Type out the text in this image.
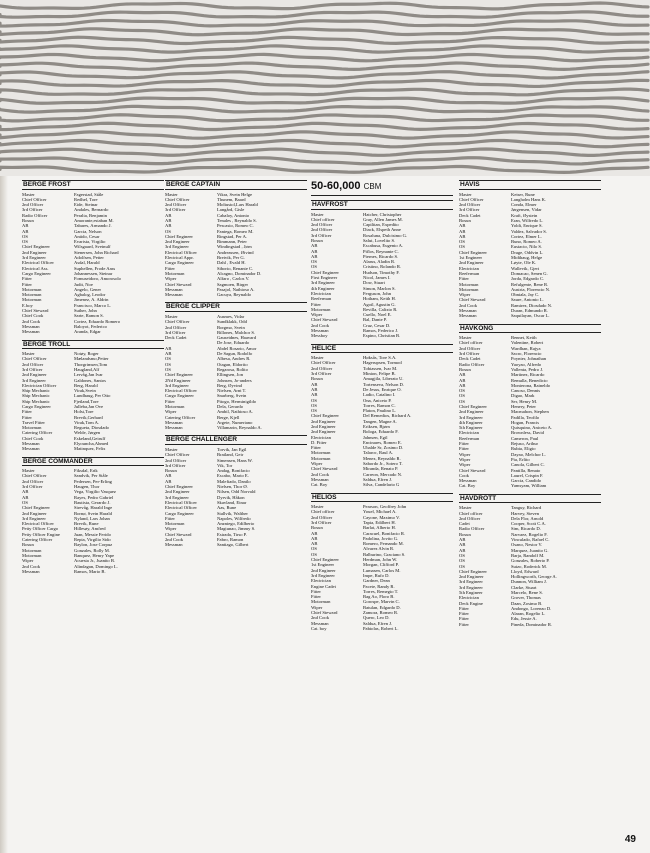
BERGE FROST
Master	Fagerstad, Ståle
Chief Officer	Redhel, Tore
2nd Officer	Eide, Steinar
3rd Officer	Andales, Bernardo
Radio Officer	Peralta, Benjamin
Bosun	Amorante,estaban M.
AB	Tabares, Armando J.
AB	Garcia, Nelson
OS	Antido, Cesar
OS	Evarista, Virgilio
Chief Engineer	Wilsgaard, Sveinulf
2nd Engineer	Stenersen, John Richard
3rd Engineer	Adolfsen, Petter
Electrical Officer	Asdal, Harald
Electrical Ass.	Suphellen, Frode Aass
Cargo Engineer	Johannessen, Steinar
Fitter	Fomuseidoro, Amorosolo
Fitter	Judit, Noe
Motorman	Angelo, Gener
Motorman	Agbalog, Leodor
Motorman	Jimenez, A. Aldrin
E.boy	Francisco, Marco L.
Chief Steward	Suther, John
Chief Cook	Sarte, Ramon S.
2nd Cook	Cortez, Eduardo Romero
Messman	Baloyot, Federico
Messman	Aranda, Edgar
BERGE TROLL
Master	Notøy, Roger
Chief Officer	Mælandsmo,Petter
2nd Officer	Thorgrimsen,Tom
3rd Officer	Haugland,Alf
2nd Engineer	Lervåg,Jan Ivar
3rd Engineer	Galdones, Santos
Electrician Officer	Berg, Harald
Ship Mechanic	Virak,Svein
Ship Mechanic	Lundhaug, Per Otto
Ship Mechanic	Fjetland,Tore
Cargo Engineer	Julleba,Jan Ove
Fitter	Holst,Tore
Fitter	Brevik,Gerhard
Travel Fitter	Virak,Tom A.
Motorman	Regueta, Diosdado
Catering Officer	Welde, Jørgen
Chief Cook	Eskeland,Geirulf
Messman	Elyouncha,Ahmed
Messman	Matinquez, Felix
BERGE COMMANDER
Master	Fiksdal, Erik
Chief Officer	Sandvik, Per Ståle
2nd Officer	Pedersen, Per-Erling
3rd Officer	Haugen, Thor
AB	Vega, Virgilio Vasquez
AB	Rayes, Pedro Gabriel
OS	Bautista, Gerardo J.
Chief Engineer	Sirevåg, Harald Inge
2nd Engineer	Bornø, Svein Harald
3rd Engineer	Nyland, Lars Johan
Electrical Officer	Brevik, Rune
Petty Officer Cargo	Hillesøy, Amfred
Petty Officer Engine	Juan, Messie Ferido
Catering Officer	Repia, Virgilio Sido
Bosun	Baylon, Jose Corpuz
Motorman	Gonzales, Rolly M.
Motorman	Banquez, Henry Yape
Wiper	Acuesta Jr., Juanito B.
2nd Cook	Alindagan, Domingo L.
Messman	Ramos, Mario B.
BERGE CAPTAIN
Master	Vikra, Svein Helge
Chief Officer	Thunem, Baard
2nd Officer	Moltustol,Lars Harald
3rd Officer	Langård, Gisle
AB	Cabaloy, Antonio
AB	Tenales , Reynaldo S.
AB	Pescasio, Romeo C.
OS	Faniega, Romeo M.
Chief Engineer	Ringstad, Per A.
2nd Engineer	Bimmann, Peter
3rd Engineer	Windingstad , Jørn
Electrical Officer	Andreassen, Øivind
Electrical Appr.	Breivik, Per G.
Cargo Engineer	Dahl , Evald H.
Fitter	Siborio, Renante C.
Motorman	Alcagno, Dominador D.
Wiper	Alfaro , Carlos V.
Chief Steward	Sagmoen, Birger
Messman	Pasajol, Nathioso A.
Messman	Gacuya, Reynaldo
BERGE CLIPPER
Master	Ausmes, Vidar
Chief Officer	Sundklakk, Odd
2nd Officer	Borgmo, Svein
3rd Officer	Billones, Malchor S.
Deck Cadet	Gauseidnes, Haavard
De Jose, Eduardo
AB	Abdel Rosario, Amor
AB	De Sagun, Rodolfo
OS	Albesa, Andres R.
OS	Otagan, Eldorito
OS	Regarosa, Rolito
Chief Engineer	Ellingsen, Jon
2Nd Engineer	Johnsen, Jo-anders
3rd Engineer	Berg, Øyvind
Electrical Officer	Nielsen, Arnt T.
Cargo Engineer	Snarberg, Svein
Fitter	Pitogo, Herminigildo
Motorman	Dela, Gerardo
Wiper	Ambil, Nathioso A.
Catering Officer	Berge, Kjell
Messman	Argete, Numeriano
Messman	Villamarin, Reynaldo A.
BERGE CHALLENGER
Master	Torvik, Jan Egil
Chief Officer	Bratland, Geir
2nd Officer	Simensen, Hans W.
3rd Officer	Vik, Tor
Bosun	Andag, Bonifacio
AB	Escabo, Mario E.
AB	Malefiado, Danilo
Chief Engineer	Nielsen, Thor Ø.
2nd Engineer	Nilsen, Odd Norvald
3rd Engineer	Dyrvik, Håkon
Electrical Officer	Skavland, Einar
Electrical Officer	Aas, Rune
Cargo Engineer	Stallvik, Walther
Fitter	Napoles, Wilfredo
Motorman	Anzniego, Edilberto
Wiper	Magtunao, Jimmy S.
Chief Steward	Estrada, Tirso P.
2nd Cook	Fabro, Ramon
Messman	Santiago, Gilbert
50-60,000 CBM
HAVFROST
Master	Hatcher, Christopher
Chief officer	Gray, Allen James M.
2nd Officer	Capilitan, Expedito
2nd Officer	Diack, Elspeth Anne
3rd Officer	Rosaluna, Dulcisimo G.
Bosun	Salut, Lovelito S.
AB	Escabusa, Eugenio A.
AB	Piflos, Reynante C.
AB	Piernes, Ricardo S.
OS	Alarus, Aladin R.
OS	Cristino, Rolando R.
Chief Engineer	Hudson, Timothy F.
First Engineer	Nicol, James I.
3rd Engineer	Dow, Stuart
4th Engineer	Simon, Marlon S.
Electrician	Ferguson, John
Reeferman	Hotham, Keith H.
Fitter	Agoil, Agustin G.
Motorman	Revilla, Calixto R.
Wiper	Cuello, Noel E.
Chief Steward	Bal, Dante P.
2nd Cook	Cruz, Cesar D.
Messman	Ramos, Federico J.
Messboy	Espino, Christian B.
HELICE
Master	Høksås, Tore S.A.
Chief Officer	Hagerupsen, Tormod
2nd Officer	Tobiassen, Ivar M.
3rd Officer	Minion, Felipe B.
Bosun	Amagjila, Liberato U.
AB	Tortenseva, Nelson D.
AB	De Jesus, Enrique O.
AB	Ladio, Catalino I.
OS	Ona, Aniceto P.
OS	Torres, Ramon C.
OS	Platon, Paulino L.
Chief Engineer	Del Remedios, Richard A.
2nd Engineer	Tangen, Magne A.
2nd Engineer	Eriksen, Bjørn
2nd Engineer	Bologa, Eduardo F.
Electrician	Jahnsen, Egil
D. Fitter	Encinares, Romeo E.
Fitter	Ubalde Sr, Zosimo D.
Motorman	Talaroc, Raul A.
Motorman	Menez, Reynaldo R.
Wiper	Sabordo Jr., Sotero T.
Chief Steward	Miranda, Renato P.
2nd Cook	Carreon, Mercado N.
Messman	Saldua, Efren J.
Cat. Boy	Silva, Candelario G
HELIOS
Master	Pearson, Geoffrey John
Chief officer	Youel, Michael A.
2nd Officer	Cayone, Maximo V.
3rd Officer	Tapia, Edilbert H.
Bosun	Barlat, Alberto H.
AB	Caracuel, Bonifacio R.
AB	Padolina, Jovito G.
AB	Romero, Fernando M.
OS	Alvarez Alvin R.
OS	Balburino, Graciano S.
Chief Engineer	Herdman, John W.
1st Engineer	Morgan, Clifford P.
2nd Engineer	Lumasen, Carlos M.
3rd Engineer	Impe, Rufo D.
Electrician	Gardner, Dean
Engine Cadet	Pacete, Randy R.
Fitter	Torres, Remegio T.
Fitter	Bag Ao, Floro B.
Motorman	Gorospe, Marvin C.
Wiper	Batulan, Edgardo D.
Chief Steward	Zamora, Romeo R.
2nd Cook	Quero, Leo D.
Messman	Saldua, Efren J.
Cat. boy	Pabiolas, Robert L.
HAVIS
Master	Keiser, Rune
Chief Officer	Langholm Hans K.
2nd Officer	Conda, Elmer
3rd Officer	Jørgensen, Vidar
Deck Cadet	Kraft, Øystein
Bosun	Eran, Wilfredo L.
AB	Yoldi, Enrique S.
AB	Valdez, Salvador S.
AB	Cortez, Elmer L.
OS	Buno, Romeo A.
OS	Eustacio, Nilo S.
Chief Engineer	Drage, Oddvin L.
1st Engineer	Midthaug, Helge
2nd Engineer	Løyte, Ole K.
Electrician	Wallevik, Gjert
Reeferman	Domacao, Senen G.
Fitter	Jorda, Edgardo C.
Motorman	Refulgente, Rene R.
Motorman	Austria, Florencio N.
Wiper	Obniala, Jay C.
Chief Steward	Saure, Antonio L.
2nd Cook	Ramirez, Diosdado N.
Messman	Duran, Edmundo R.
Messman	Saquilayan, Oscar L.
HAVKONG
Master	Bennet, Keith
Chief officer	Valentine, Robert
2nd Officer	Wardhan, Rajya
3rd Officer	Sacro, Florencio
Deck Cadet	Poynter, Johnathan
Radio Officer	Yaoyao, Alfredo
Bosun	Vallenta, Pedro J.
AB	Martinez, Ricardo
AB	Remulla, Benedicto
AB	Monterona, Raineldo
OS	Canoso, Dennis
OS	Digao, Mark
OS	Ser, Henry M.
Chief Engineer	Henery, Peter
2nd Engineer	Macmahon, Stephen
3rd Engineer	Padilla, Teofilo
4th Engineer	Hogan, Francis
5th Engineer	Quisquino, Aniceto A.
Electrician	Brownless, David
Reeferman	Cameron, Paul
Fitter	Rejuso, Arthur
Fitter	Rubia, Eligio
Wiper	Dayao, Melchor L.
Wiper	Pia, Erlito
Wiper	Canola, Gilbert C.
Chief Steward	Pantilla, Renato
Cook	Laurel, Crispin F.
Messman	Garcia, Candido
Cat. Boy	Yamsyam, William
HAVDROTT
Master	Tanguy, Richard
Chief officer	Harvey, Steven
2nd Officer	Dela Flor, Arnold
Cadet	Cooper, Scott C.A.
Radio Officer	Sim, Ricardo D.
Bosun	Narvaez, Rogelio F.
AB	Vinculado, Rafael C.
AB	Osano, Nestor V.
AB	Marquez, Juanito G.
OS	Barja, Randolf M.
OS	Gonzales, Roberto P.
OS	Suizo, Roderick M.
Chief Engineer	Lloyd, Edward
2nd Engineer	Hollingworth, George A.
3rd Engineer	Dunnon, William J.
3rd Engineer	Clarke, Stuart
5th Engineer	Marcelo, Rene S.
Electrician	Grover, Thomas
Deck Engine	Daan, Zosimo B.
Fitter	Andongo, Lorenzo D.
Fitter	Alaran, Rogelio L.
Fitter	Edu, Jessie A.
Fitter	Pineda, Dominador R.
49
